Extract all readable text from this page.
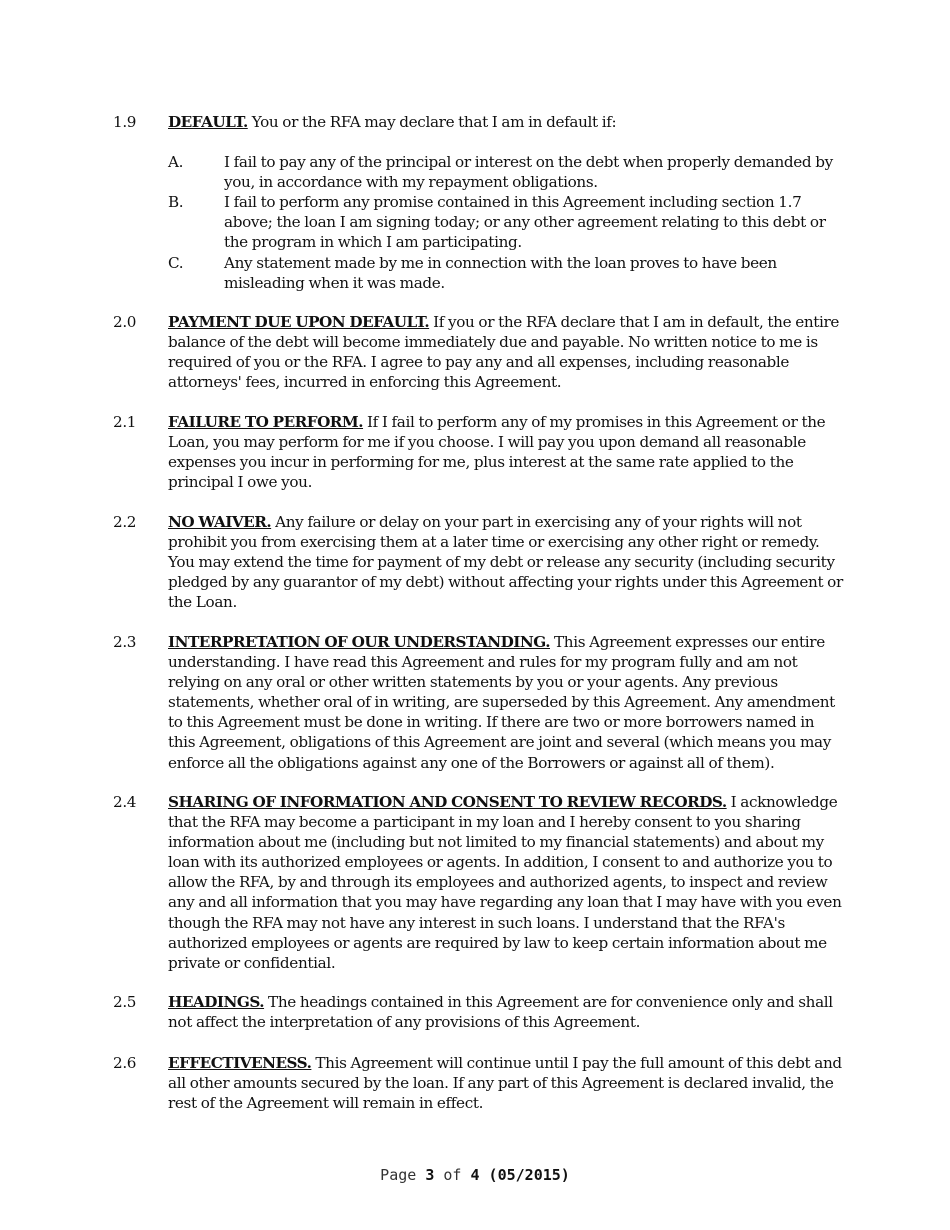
1.9 DEFAULT. You or the RFA may declare that I am in default if:
A.	I fail to pay any of the principal or interest on the debt when properly demanded by you, in accordance with my repayment obligations.
B.	I fail to perform any promise contained in this Agreement including section 1.7 above; the loan I am signing today; or any other agreement relating to this debt or the program in which I am participating.
C.	Any statement made by me in connection with the loan proves to have been misleading when it was made.
2.0 PAYMENT DUE UPON DEFAULT. If you or the RFA declare that I am in default, the entire balance of the debt will become immediately due and payable. No written notice to me is required of you or the RFA. I agree to pay any and all expenses, including reasonable attorneys' fees, incurred in enforcing this Agreement.
2.1 FAILURE TO PERFORM. If I fail to perform any of my promises in this Agreement or the Loan, you may perform for me if you choose. I will pay you upon demand all reasonable expenses you incur in performing for me, plus interest at the same rate applied to the principal I owe you.
2.2 NO WAIVER. Any failure or delay on your part in exercising any of your rights will not prohibit you from exercising them at a later time or exercising any other right or remedy. You may extend the time for payment of my debt or release any security (including security pledged by any guarantor of my debt) without affecting your rights under this Agreement or the Loan.
2.3 INTERPRETATION OF OUR UNDERSTANDING. This Agreement expresses our entire understanding. I have read this Agreement and rules for my program fully and am not relying on any oral or other written statements by you or your agents. Any previous statements, whether oral of in writing, are superseded by this Agreement. Any amendment to this Agreement must be done in writing. If there are two or more borrowers named in this Agreement, obligations of this Agreement are joint and several (which means you may enforce all the obligations against any one of the Borrowers or against all of them).
2.4 SHARING OF INFORMATION AND CONSENT TO REVIEW RECORDS. I acknowledge that the RFA may become a participant in my loan and I hereby consent to you sharing information about me (including but not limited to my financial statements) and about my loan with its authorized employees or agents. In addition, I consent to and authorize you to allow the RFA, by and through its employees and authorized agents, to inspect and review any and all information that you may have regarding any loan that I may have with you even though the RFA may not have any interest in such loans. I understand that the RFA's authorized employees or agents are required by law to keep certain information about me private or confidential.
2.5 HEADINGS. The headings contained in this Agreement are for convenience only and shall not affect the interpretation of any provisions of this Agreement.
2.6 EFFECTIVENESS. This Agreement will continue until I pay the full amount of this debt and all other amounts secured by the loan. If any part of this Agreement is declared invalid, the rest of the Agreement will remain in effect.
Page 3 of 4 (05/2015)
